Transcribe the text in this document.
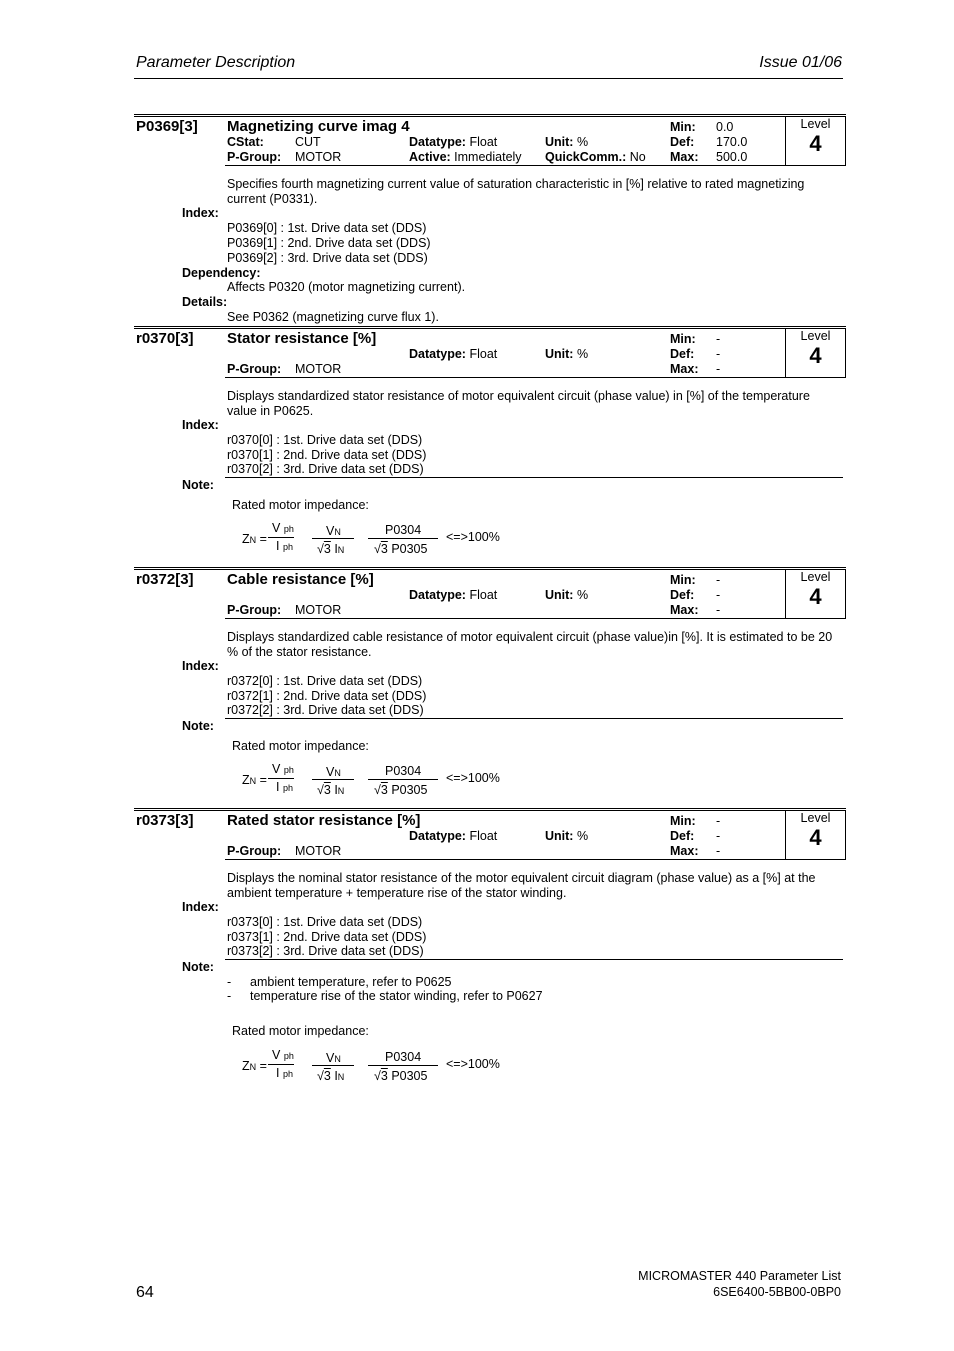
Parameter Description	Issue 01/06
P0369[3] Magnetizing curve imag 4
CStat: CUT
P-Group: MOTOR
Datatype: Float
Active: Immediately
Unit: %
QuickComm.: No
Min: 0.0
Def: 170.0
Max: 500.0
Level
4
Specifies fourth magnetizing current value of saturation characteristic in [%] relative to rated magnetizing current (P0331).
Index:
P0369[0] : 1st. Drive data set (DDS)
P0369[1] : 2nd. Drive data set (DDS)
P0369[2] : 3rd. Drive data set (DDS)
Dependency:
Affects P0320 (motor magnetizing current).
Details:
See P0362 (magnetizing curve flux 1).
r0370[3] Stator resistance [%]
P-Group: MOTOR
Datatype: Float	Unit: %
Min: -
Def: -
Max: -
Level
4
Displays standardized stator resistance of motor equivalent circuit (phase value) in [%] of the temperature value in P0625.
Index:
r0370[0] : 1st. Drive data set (DDS)
r0370[1] : 2nd. Drive data set (DDS)
r0370[2] : 3rd. Drive data set (DDS)
Note:
Rated motor impedance:
ZN =
V ph
I ph
VN
√3 IN
P0304
√3 P0305
<=>100%
r0372[3] Cable resistance [%]
P-Group: MOTOR
Datatype: Float	Unit: %
Min: -
Def: -
Max: -
Level
4
Displays standardized cable resistance of motor equivalent circuit (phase value)in [%]. It is estimated to be 20 % of the stator resistance.
Index:
r0372[0] : 1st. Drive data set (DDS)
r0372[1] : 2nd. Drive data set (DDS)
r0372[2] : 3rd. Drive data set (DDS)
Note:
Rated motor impedance:
ZN =
V ph
I ph
VN
√3 IN
P0304
√3 P0305
<=>100%
r0373[3] Rated stator resistance [%]
P-Group: MOTOR
Datatype: Float	Unit: %
Min: -
Def: -
Max: -
Level
4
Displays the nominal stator resistance of the motor equivalent circuit diagram (phase value) as a [%] at the ambient temperature + temperature rise of the stator winding.
Index:
r0373[0] : 1st. Drive data set (DDS)
r0373[1] : 2nd. Drive data set (DDS)
r0373[2] : 3rd. Drive data set (DDS)
Note:
- ambient temperature, refer to P0625
- temperature rise of the stator winding, refer to P0627
Rated motor impedance:
ZN =
V ph
I ph
VN
√3 IN
P0304
√3 P0305
<=>100%
64
MICROMASTER 440 Parameter List
6SE6400-5BB00-0BP0
